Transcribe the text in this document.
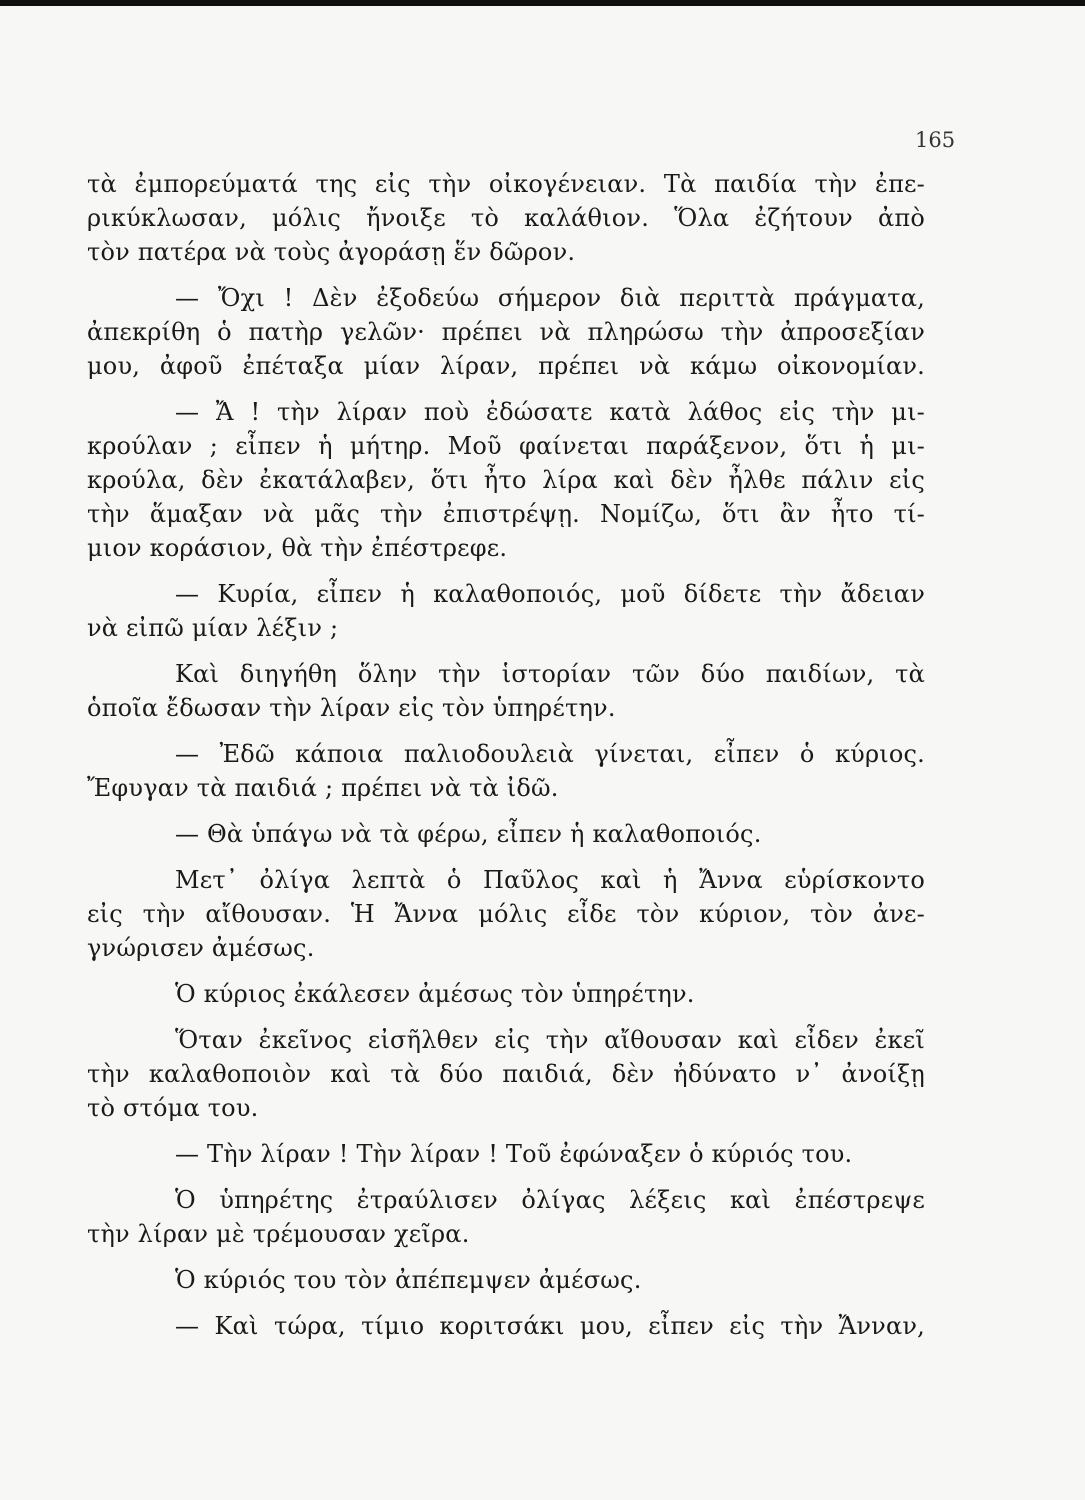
165
τὰ ἐμπορεύματά της εἰς τὴν οἰκογένειαν. Τὰ παιδία τὴν ἐπε-
ρικύκλωσαν, μόλις ἤνοιξε τὸ καλάθιον. Ὅλα ἐζήτουν ἀπὸ
τὸν πατέρα νὰ τοὺς ἀγοράσῃ ἕν δῶρον.
— Ὄχι ! Δὲν ἐξοδεύω σήμερον διὰ περιττὰ πράγματα,
ἀπεκρίθη ὁ πατὴρ γελῶν· πρέπει νὰ πληρώσω τὴν ἀπροσεξίαν
μου, ἀφοῦ ἐπέταξα μίαν λίραν, πρέπει νὰ κάμω οἰκονομίαν.
— Ἄ ! τὴν λίραν ποὺ ἐδώσατε κατὰ λάθος εἰς τὴν μι-
κρούλαν ; εἶπεν ἡ μήτηρ. Μοῦ φαίνεται παράξενον, ὅτι ἡ μι-
κρούλα, δὲν ἐκατάλαβεν, ὅτι ἦτο λίρα καὶ δὲν ἦλθε πάλιν εἰς
τὴν ἅμαξαν νὰ μᾶς τὴν ἐπιστρέψῃ. Νομίζω, ὅτι ἂν ἦτο τί-
μιον κοράσιον, θὰ τὴν ἐπέστρεφε.
— Κυρία, εἶπεν ἡ καλαθοποιός, μοῦ δίδετε τὴν ἄδειαν
νὰ εἰπῶ μίαν λέξιν ;
Καὶ διηγήθη ὅλην τὴν ἱστορίαν τῶν δύο παιδίων, τὰ
ὁποῖα ἔδωσαν τὴν λίραν εἰς τὸν ὑπηρέτην.
— Ἐδῶ κάποια παλιοδουλειὰ γίνεται, εἶπεν ὁ κύριος.
Ἔφυγαν τὰ παιδιά ; πρέπει νὰ τὰ ἰδῶ.
— Θὰ ὑπάγω νὰ τὰ φέρω, εἶπεν ἡ καλαθοποιός.
Μετ᾽ ὀλίγα λεπτὰ ὁ Παῦλος καὶ ἡ Ἄννα εὑρίσκοντο
εἰς τὴν αἴθουσαν. Ἡ Ἄννα μόλις εἶδε τὸν κύριον, τὸν ἀνε-
γνώρισεν ἀμέσως.
Ὁ κύριος ἐκάλεσεν ἀμέσως τὸν ὑπηρέτην.
Ὅταν ἐκεῖνος εἰσῆλθεν εἰς τὴν αἴθουσαν καὶ εἶδεν ἐκεῖ
τὴν καλαθοποιὸν καὶ τὰ δύο παιδιά, δὲν ἠδύνατο ν᾽ ἀνοίξῃ
τὸ στόμα του.
— Τὴν λίραν ! Τὴν λίραν ! Τοῦ ἐφώναξεν ὁ κύριός του.
Ὁ ὑπηρέτης ἐτραύλισεν ὀλίγας λέξεις καὶ ἐπέστρεψε
τὴν λίραν μὲ τρέμουσαν χεῖρα.
Ὁ κύριός του τὸν ἀπέπεμψεν ἀμέσως.
— Καὶ τώρα, τίμιο κοριτσάκι μου, εἶπεν εἰς τὴν Ἄνναν,
